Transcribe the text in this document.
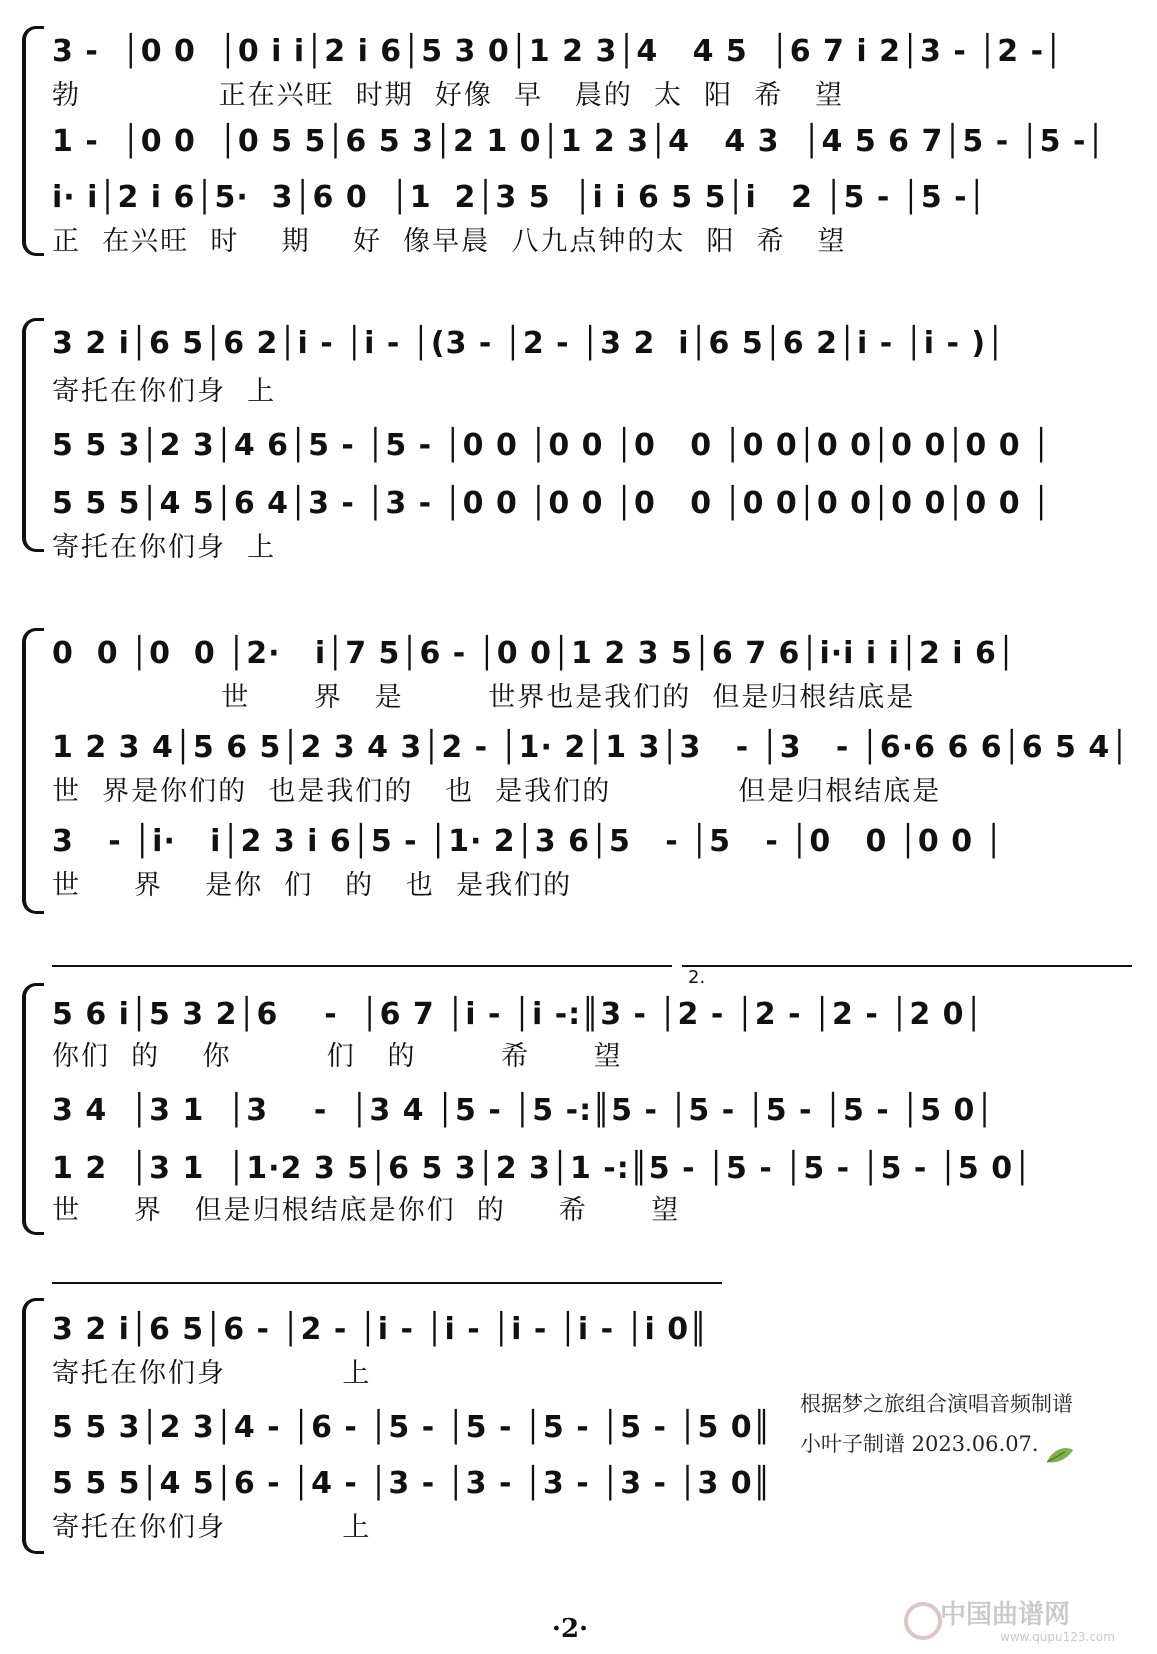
3 -  │0 0  │0 i i│2 i 6│5 3 0│1 2 3│4   4 5  │6 7 i 2│3 - │2 -│
勃             正在兴旺  时期  好像  早   晨的  太  阳  希   望
1 -  │0 0  │0 5 5│6 5 3│2 1 0│1 2 3│4   4 3  │4 5 6 7│5 - │5 -│
i· i│2 i 6│5·  3│6 0  │1  2│3 5  │i i 6 5 5│i   2 │5 - │5 -│
正  在兴旺  时    期    好  像早晨  八九点钟的太  阳  希   望
3 2 i│6 5│6 2│i - │i - │(3 - │2 - │3 2  i│6 5│6 2│i - │i - )│
寄托在你们身  上
5 5 3│2 3│4 6│5 - │5 - │0 0 │0 0 │0   0 │0 0│0 0│0 0│0 0 │
5 5 5│4 5│6 4│3 - │3 - │0 0 │0 0 │0   0 │0 0│0 0│0 0│0 0 │
寄托在你们身  上
0  0 │0  0 │2·   i│7 5│6 - │0 0│1 2 3 5│6 7 6│i·i i i│2 i 6│
世      界   是        世界也是我们的  但是归根结底是
1 2 3 4│5 6 5│2 3 4 3│2 - │1· 2│1 3│3   - │3   - │6·6 6 6│6 5 4│
世  界是你们的  也是我们的   也  是我们的            但是归根结底是
3   - │i·   i│2 3 i 6│5 - │1· 2│3 6│5   - │5   - │0   0 │0 0 │
世     界    是你  们   的   也  是我们的
2.
5 6 i│5 3 2│6    -  │6 7 │i - │i -:║3 - │2 - │2 - │2 - │2 0│
你们  的    你         们   的        希      望
3 4  │3 1  │3    -  │3 4 │5 - │5 -:║5 - │5 - │5 - │5 - │5 0│
1 2  │3 1  │1·2 3 5│6 5 3│2 3│1 -:║5 - │5 - │5 - │5 - │5 0│
世     界   但是归根结底是你们  的     希      望
3 2 i│6 5│6 - │2 - │i - │i - │i - │i - │i 0║
寄托在你们身           上
5 5 3│2 3│4 - │6 - │5 - │5 - │5 - │5 - │5 0║
5 5 5│4 5│6 - │4 - │3 - │3 - │3 - │3 - │3 0║
寄托在你们身           上
根据梦之旅组合演唱音频制谱
小叶子制谱 2023.06.07.
·2·	中国曲谱网
www.qupu123.com
